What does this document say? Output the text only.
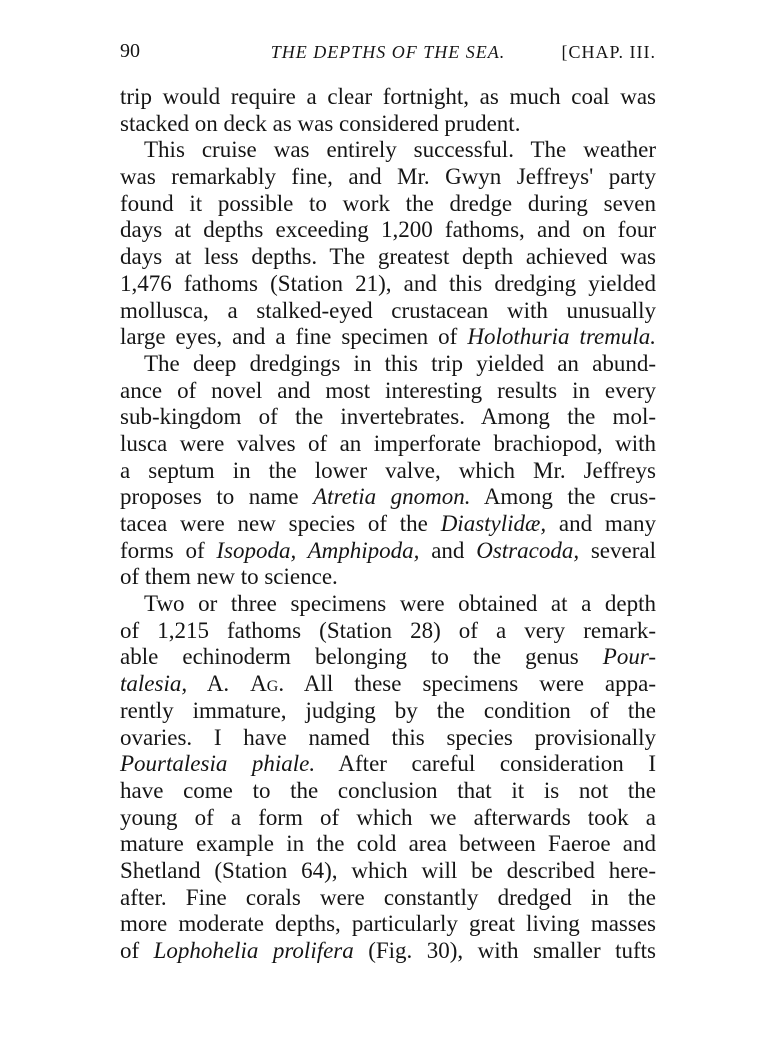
90	THE DEPTHS OF THE SEA.	[CHAP. III.
trip would require a clear fortnight, as much coal was
stacked on deck as was considered prudent.
This cruise was entirely successful. The weather
was remarkably fine, and Mr. Gwyn Jeffreys' party
found it possible to work the dredge during seven
days at depths exceeding 1,200 fathoms, and on four
days at less depths. The greatest depth achieved was
1,476 fathoms (Station 21), and this dredging yielded
mollusca, a stalked-eyed crustacean with unusually
large eyes, and a fine specimen of Holothuria tremula.
The deep dredgings in this trip yielded an abund-
ance of novel and most interesting results in every
sub-kingdom of the invertebrates. Among the mol-
lusca were valves of an imperforate brachiopod, with
a septum in the lower valve, which Mr. Jeffreys
proposes to name Atretia gnomon. Among the crus-
tacea were new species of the Diastylidæ, and many
forms of Isopoda, Amphipoda, and Ostracoda, several
of them new to science.
Two or three specimens were obtained at a depth
of 1,215 fathoms (Station 28) of a very remark-
able echinoderm belonging to the genus Pour-
talesia, A. Ag. All these specimens were appa-
rently immature, judging by the condition of the
ovaries. I have named this species provisionally
Pourtalesia phiale. After careful consideration I
have come to the conclusion that it is not the
young of a form of which we afterwards took a
mature example in the cold area between Faeroe and
Shetland (Station 64), which will be described here-
after. Fine corals were constantly dredged in the
more moderate depths, particularly great living masses
of Lophohelia prolifera (Fig. 30), with smaller tufts
